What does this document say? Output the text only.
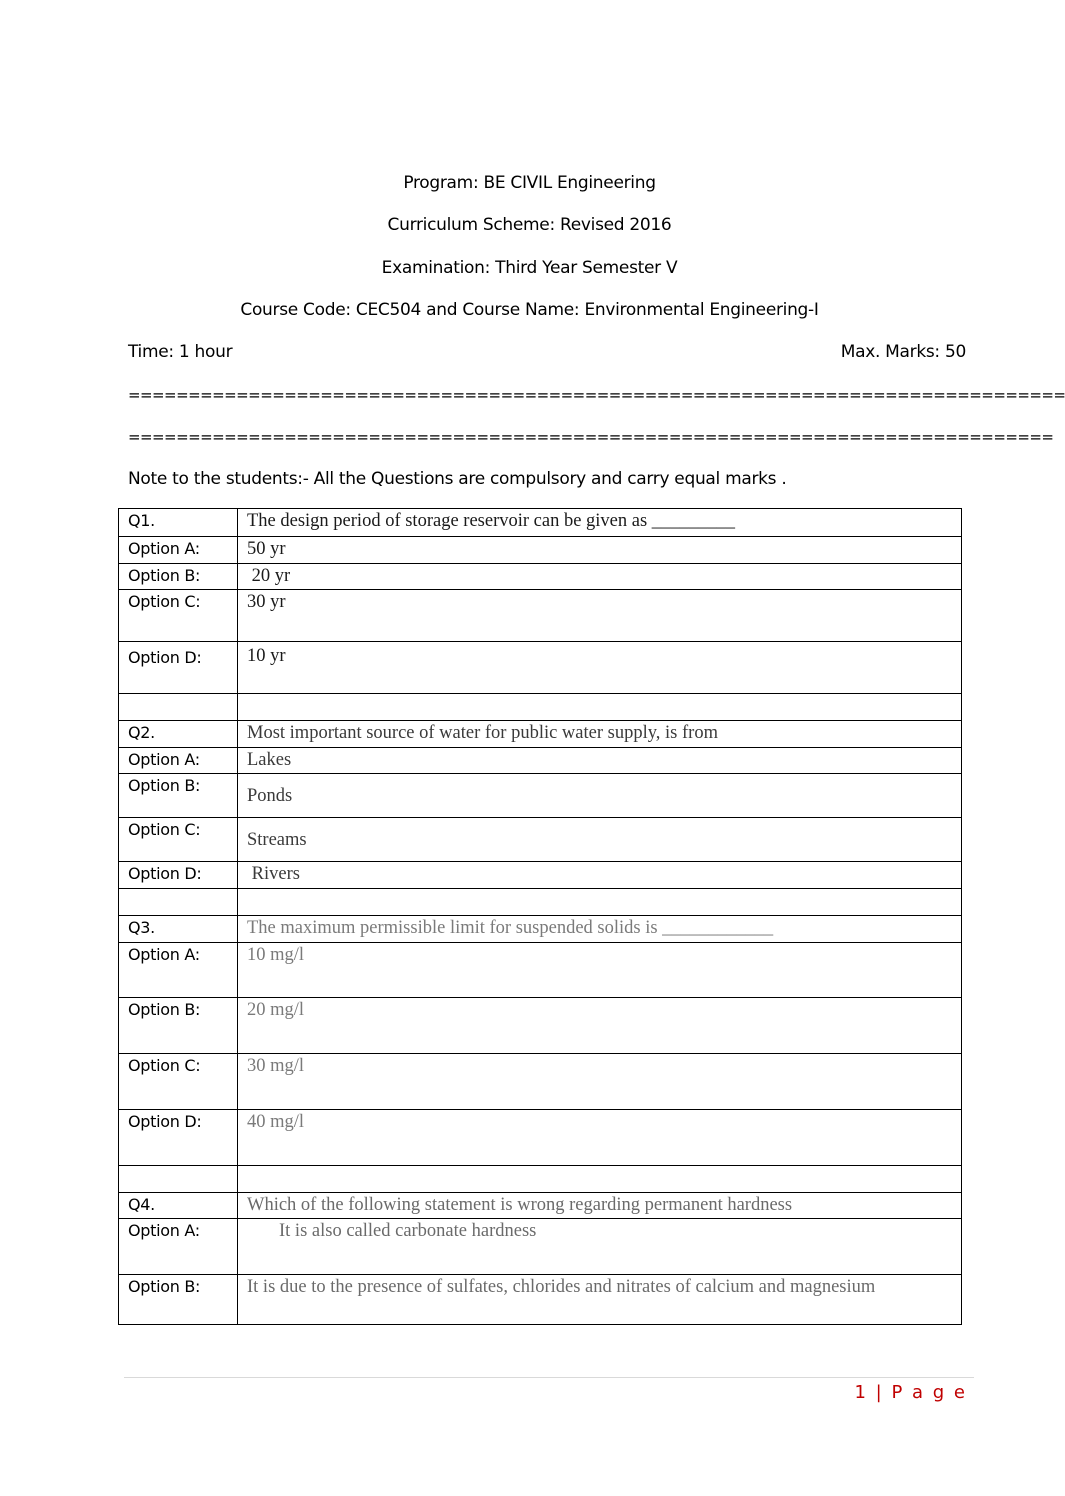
Program: BE CIVIL Engineering
Curriculum Scheme: Revised 2016
Examination: Third Year Semester V
Course Code: CEC504 and Course Name: Environmental Engineering-I
Time: 1 hour	Max. Marks: 50
==============================================================================
=============================================================================
Note to the students:- All the Questions are compulsory and carry equal marks .
Q1.	The design period of storage reservoir can be given as _________
Option A:	50 yr
Option B:	20 yr
Option C:	30 yr
Option D:	10 yr

Q2.	Most important source of water for public water supply, is from
Option A:	Lakes
Option B:	Ponds
Option C:	Streams
Option D:	Rivers

Q3.	The maximum permissible limit for suspended solids is ____________
Option A:	10 mg/l
Option B:	20 mg/l
Option C:	30 mg/l
Option D:	40 mg/l

Q4.	Which of the following statement is wrong regarding permanent hardness
Option A:	It is also called carbonate hardness
Option B:	It is due to the presence of sulfates, chlorides and nitrates of calcium and magnesium
1 | P a g e
